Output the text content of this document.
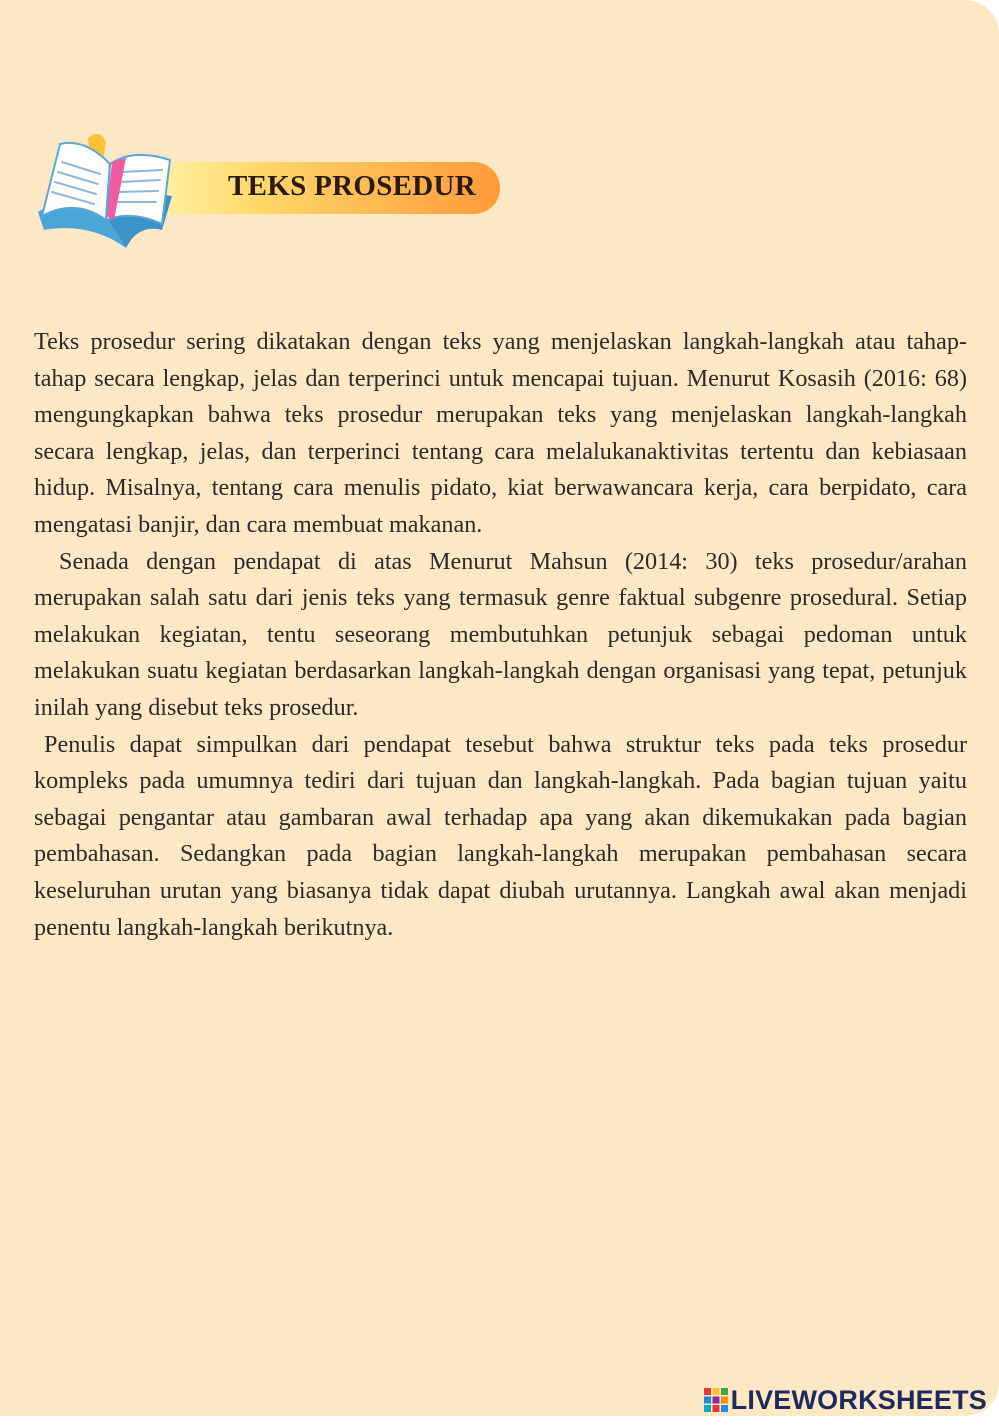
TEKS PROSEDUR

Teks prosedur sering dikatakan dengan teks yang menjelaskan langkah-langkah atau tahap-tahap secara lengkap, jelas dan terperinci untuk mencapai tujuan. Menurut Kosasih (2016: 68) mengungkapkan bahwa teks prosedur merupakan teks yang menjelaskan langkah-langkah secara lengkap, jelas, dan terperinci tentang cara melalukanaktivitas tertentu dan kebiasaan hidup. Misalnya, tentang cara menulis pidato, kiat berwawancara kerja, cara berpidato, cara mengatasi banjir, dan cara membuat makanan.

Senada dengan pendapat di atas Menurut Mahsun (2014: 30) teks prosedur/arahan merupakan salah satu dari jenis teks yang termasuk genre faktual subgenre prosedural. Setiap melakukan kegiatan, tentu seseorang membutuhkan petunjuk sebagai pedoman untuk melakukan suatu kegiatan berdasarkan langkah-langkah dengan organisasi yang tepat, petunjuk inilah yang disebut teks prosedur.

Penulis dapat simpulkan dari pendapat tesebut bahwa struktur teks pada teks prosedur kompleks pada umumnya tediri dari tujuan dan langkah-langkah. Pada bagian tujuan yaitu sebagai pengantar atau gambaran awal terhadap apa yang akan dikemukakan pada bagian pembahasan. Sedangkan pada bagian langkah-langkah merupakan pembahasan secara keseluruhan urutan yang biasanya tidak dapat diubah urutannya. Langkah awal akan menjadi penentu langkah-langkah berikutnya.

LIVEWORKSHEETS
